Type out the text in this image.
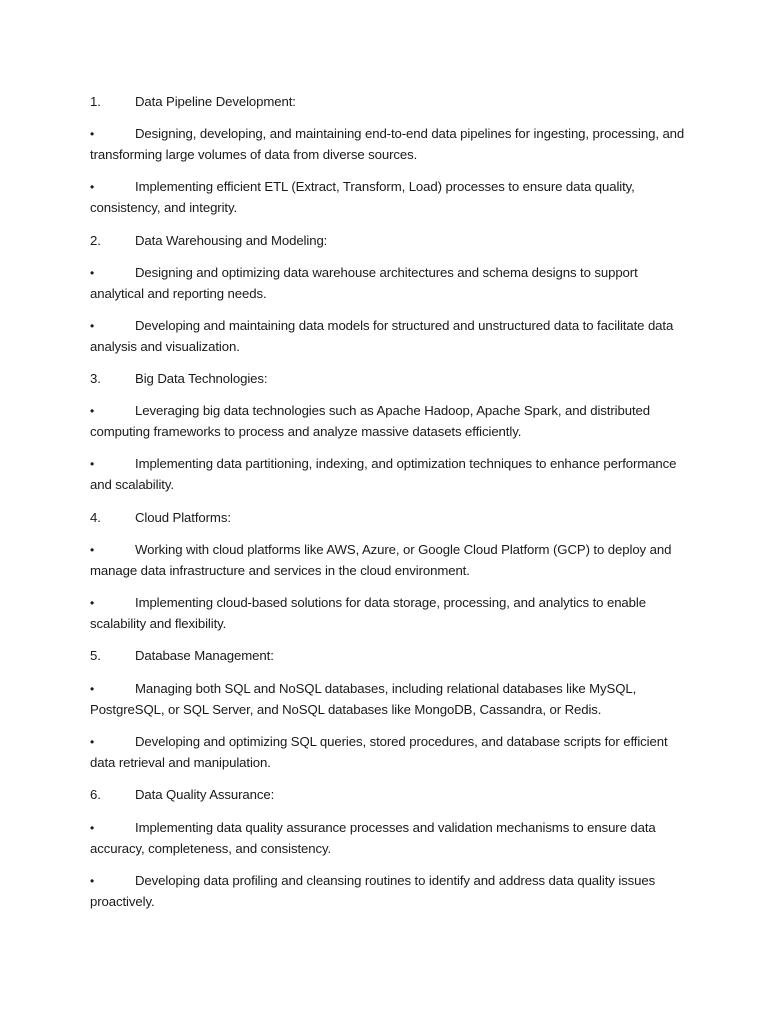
1.	Data Pipeline Development:
•	Designing, developing, and maintaining end-to-end data pipelines for ingesting, processing, and transforming large volumes of data from diverse sources.
•	Implementing efficient ETL (Extract, Transform, Load) processes to ensure data quality, consistency, and integrity.
2.	Data Warehousing and Modeling:
•	Designing and optimizing data warehouse architectures and schema designs to support analytical and reporting needs.
•	Developing and maintaining data models for structured and unstructured data to facilitate data analysis and visualization.
3.	Big Data Technologies:
•	Leveraging big data technologies such as Apache Hadoop, Apache Spark, and distributed computing frameworks to process and analyze massive datasets efficiently.
•	Implementing data partitioning, indexing, and optimization techniques to enhance performance and scalability.
4.	Cloud Platforms:
•	Working with cloud platforms like AWS, Azure, or Google Cloud Platform (GCP) to deploy and manage data infrastructure and services in the cloud environment.
•	Implementing cloud-based solutions for data storage, processing, and analytics to enable scalability and flexibility.
5.	Database Management:
•	Managing both SQL and NoSQL databases, including relational databases like MySQL, PostgreSQL, or SQL Server, and NoSQL databases like MongoDB, Cassandra, or Redis.
•	Developing and optimizing SQL queries, stored procedures, and database scripts for efficient data retrieval and manipulation.
6.	Data Quality Assurance:
•	Implementing data quality assurance processes and validation mechanisms to ensure data accuracy, completeness, and consistency.
•	Developing data profiling and cleansing routines to identify and address data quality issues proactively.
